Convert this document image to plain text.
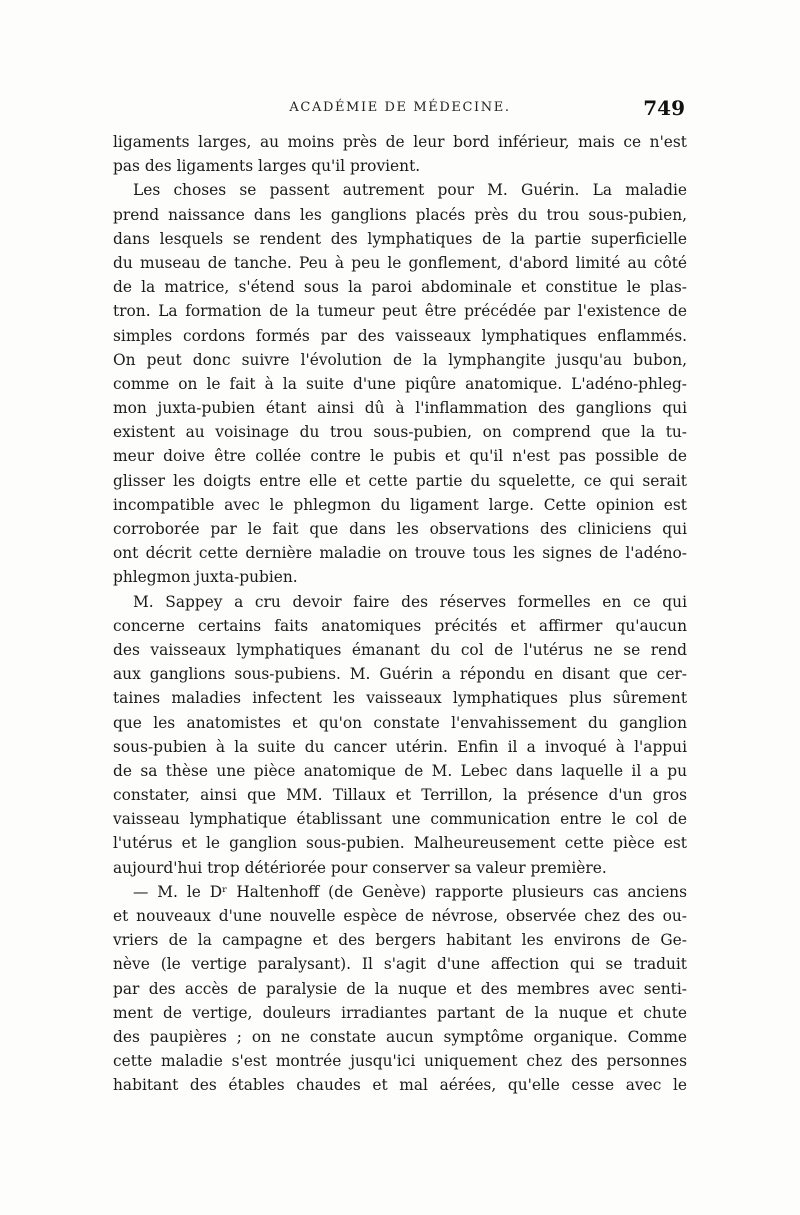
ACADÉMIE DE MÉDECINE.	749
ligaments larges, au moins près de leur bord inférieur, mais ce n'est
pas des ligaments larges qu'il provient.
Les choses se passent autrement pour M. Guérin. La maladie
prend naissance dans les ganglions placés près du trou sous-pubien,
dans lesquels se rendent des lymphatiques de la partie superficielle
du museau de tanche. Peu à peu le gonflement, d'abord limité au côté
de la matrice, s'étend sous la paroi abdominale et constitue le plas-
tron. La formation de la tumeur peut être précédée par l'existence de
simples cordons formés par des vaisseaux lymphatiques enflammés.
On peut donc suivre l'évolution de la lymphangite jusqu'au bubon,
comme on le fait à la suite d'une piqûre anatomique. L'adéno-phleg-
mon juxta-pubien étant ainsi dû à l'inflammation des ganglions qui
existent au voisinage du trou sous-pubien, on comprend que la tu-
meur doive être collée contre le pubis et qu'il n'est pas possible de
glisser les doigts entre elle et cette partie du squelette, ce qui serait
incompatible avec le phlegmon du ligament large. Cette opinion est
corroborée par le fait que dans les observations des cliniciens qui
ont décrit cette dernière maladie on trouve tous les signes de l'adéno-
phlegmon juxta-pubien.
M. Sappey a cru devoir faire des réserves formelles en ce qui
concerne certains faits anatomiques précités et affirmer qu'aucun
des vaisseaux lymphatiques émanant du col de l'utérus ne se rend
aux ganglions sous-pubiens. M. Guérin a répondu en disant que cer-
taines maladies infectent les vaisseaux lymphatiques plus sûrement
que les anatomistes et qu'on constate l'envahissement du ganglion
sous-pubien à la suite du cancer utérin. Enfin il a invoqué à l'appui
de sa thèse une pièce anatomique de M. Lebec dans laquelle il a pu
constater, ainsi que MM. Tillaux et Terrillon, la présence d'un gros
vaisseau lymphatique établissant une communication entre le col de
l'utérus et le ganglion sous-pubien. Malheureusement cette pièce est
aujourd'hui trop détériorée pour conserver sa valeur première.
— M. le Dʳ Haltenhoff (de Genève) rapporte plusieurs cas anciens
et nouveaux d'une nouvelle espèce de névrose, observée chez des ou-
vriers de la campagne et des bergers habitant les environs de Ge-
nève (le vertige paralysant). Il s'agit d'une affection qui se traduit
par des accès de paralysie de la nuque et des membres avec senti-
ment de vertige, douleurs irradiantes partant de la nuque et chute
des paupières ; on ne constate aucun symptôme organique. Comme
cette maladie s'est montrée jusqu'ici uniquement chez des personnes
habitant des étables chaudes et mal aérées, qu'elle cesse avec le
